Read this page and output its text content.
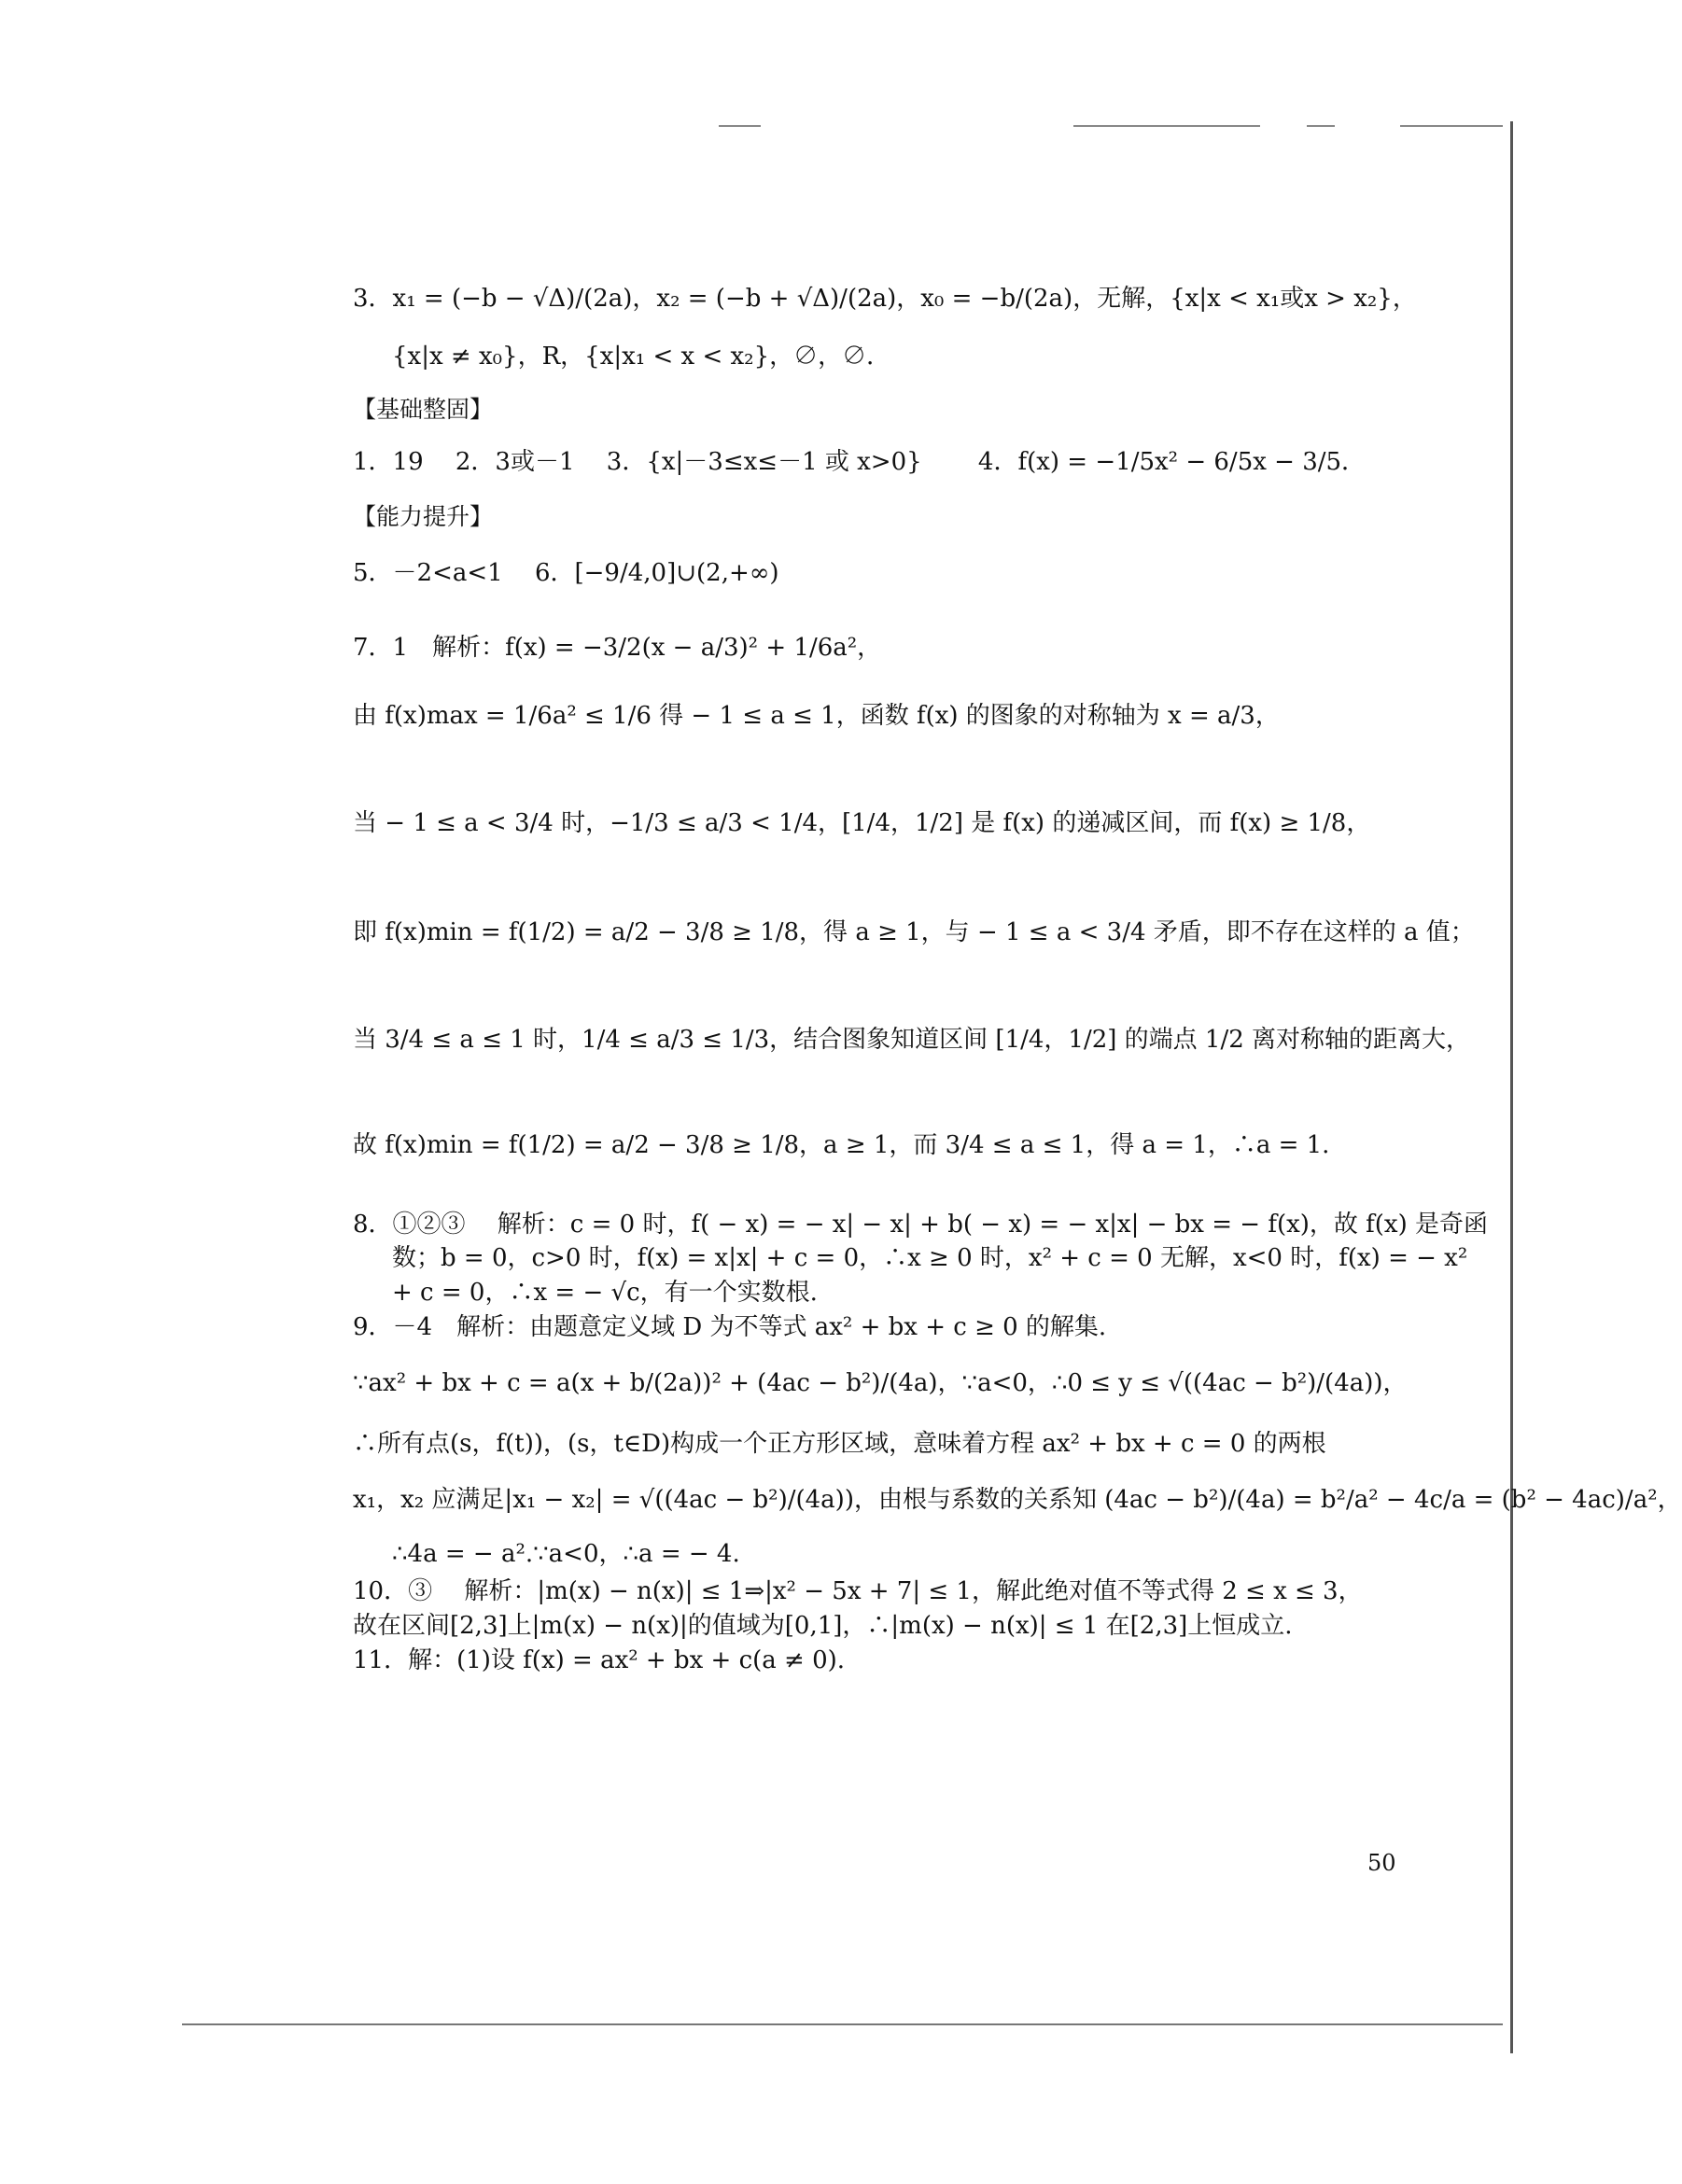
3．x₁ = (−b − √Δ)/(2a)，x₂ = (−b + √Δ)/(2a)，x₀ = −b/(2a)，无解，{x|x < x₁或x > x₂}，
{x|x ≠ x₀}，R，{x|x₁ < x < x₂}，∅，∅．
【基础整固】
1．19　 2．3或－1　 3．{x|－3≤x≤－1 或 x>0}　　 4．f(x) = −1/5x² − 6/5x − 3/5．
【能力提升】
5．－2<a<1　 6．[−9/4,0]∪(2,+∞)
7．1　解析：f(x) = −3/2(x − a/3)² + 1/6a²，
由 f(x)max = 1/6a² ≤ 1/6 得 − 1 ≤ a ≤ 1，函数 f(x) 的图象的对称轴为 x = a/3，
当 − 1 ≤ a < 3/4 时，−1/3 ≤ a/3 < 1/4，[1/4，1/2] 是 f(x) 的递减区间，而 f(x) ≥ 1/8，
即 f(x)min = f(1/2) = a/2 − 3/8 ≥ 1/8，得 a ≥ 1，与 − 1 ≤ a < 3/4 矛盾，即不存在这样的 a 值；
当 3/4 ≤ a ≤ 1 时，1/4 ≤ a/3 ≤ 1/3，结合图象知道区间 [1/4，1/2] 的端点 1/2 离对称轴的距离大，
故 f(x)min = f(1/2) = a/2 − 3/8 ≥ 1/8，a ≥ 1，而 3/4 ≤ a ≤ 1，得 a = 1，∴a = 1.
8．①②③　 解析：c = 0 时，f( − x) = − x| − x| + b( − x) = − x|x| − bx = − f(x)，故 f(x) 是奇函
数；b = 0，c>0 时，f(x) = x|x| + c = 0，∴x ≥ 0 时，x² + c = 0 无解，x<0 时，f(x) = − x²
+ c = 0，∴x = − √c，有一个实数根.
9．－4　解析：由题意定义域 D 为不等式 ax² + bx + c ≥ 0 的解集.
∵ax² + bx + c = a(x + b/(2a))² + (4ac − b²)/(4a)，∵a<0，∴0 ≤ y ≤ √((4ac − b²)/(4a))，
∴所有点(s，f(t))，(s，t∈D)构成一个正方形区域，意味着方程 ax² + bx + c = 0 的两根
x₁，x₂ 应满足|x₁ − x₂| = √((4ac − b²)/(4a))，由根与系数的关系知 (4ac − b²)/(4a) = b²/a² − 4c/a = (b² − 4ac)/a²，
∴4a = − a².∵a<0，∴a = − 4.
10．③　 解析：|m(x) − n(x)| ≤ 1⇒|x² − 5x + 7| ≤ 1，解此绝对值不等式得 2 ≤ x ≤ 3，
故在区间[2,3]上|m(x) − n(x)|的值域为[0,1]，∴|m(x) − n(x)| ≤ 1 在[2,3]上恒成立.
11．解：(1)设 f(x) = ax² + bx + c(a ≠ 0).
50
